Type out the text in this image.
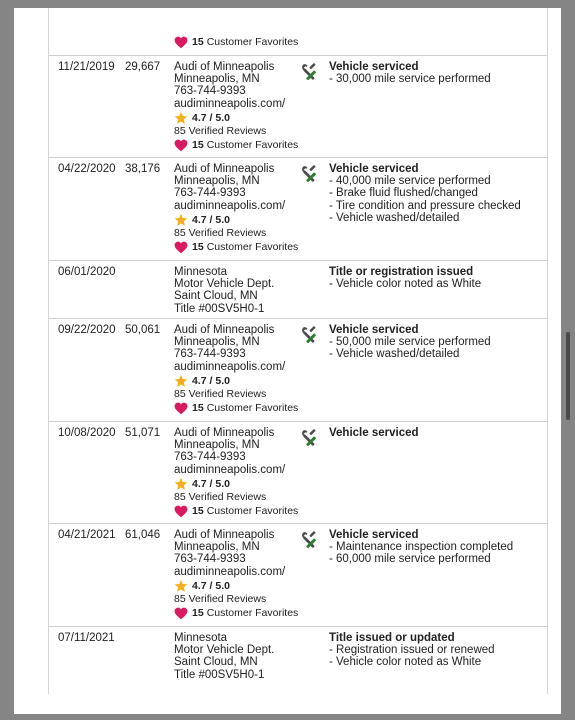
15 Customer Favorites
11/21/2019 29,667 Audi of Minneapolis
Minneapolis, MN
763-744-9393
audiminneapolis.com/
4.7 / 5.0
85 Verified Reviews
15 Customer Favorites
Vehicle serviced
- 30,000 mile service performed
04/22/2020 38,176 Audi of Minneapolis
Minneapolis, MN
763-744-9393
audiminneapolis.com/
4.7 / 5.0
85 Verified Reviews
15 Customer Favorites
Vehicle serviced
- 40,000 mile service performed
- Brake fluid flushed/changed
- Tire condition and pressure checked
- Vehicle washed/detailed
06/01/2020	Minnesota
Motor Vehicle Dept.
Saint Cloud, MN
Title #00SV5H0-1
Title or registration issued
- Vehicle color noted as White
09/22/2020 50,061 Audi of Minneapolis
Minneapolis, MN
763-744-9393
audiminneapolis.com/
4.7 / 5.0
85 Verified Reviews
15 Customer Favorites
Vehicle serviced
- 50,000 mile service performed
- Vehicle washed/detailed
10/08/2020 51,071 Audi of Minneapolis
Minneapolis, MN
763-744-9393
audiminneapolis.com/
4.7 / 5.0
85 Verified Reviews
15 Customer Favorites
Vehicle serviced
04/21/2021 61,046 Audi of Minneapolis
Minneapolis, MN
763-744-9393
audiminneapolis.com/
4.7 / 5.0
85 Verified Reviews
15 Customer Favorites
Vehicle serviced
- Maintenance inspection completed
- 60,000 mile service performed
07/11/2021	Minnesota
Motor Vehicle Dept.
Saint Cloud, MN
Title #00SV5H0-1
Title issued or updated
- Registration issued or renewed
- Vehicle color noted as White
